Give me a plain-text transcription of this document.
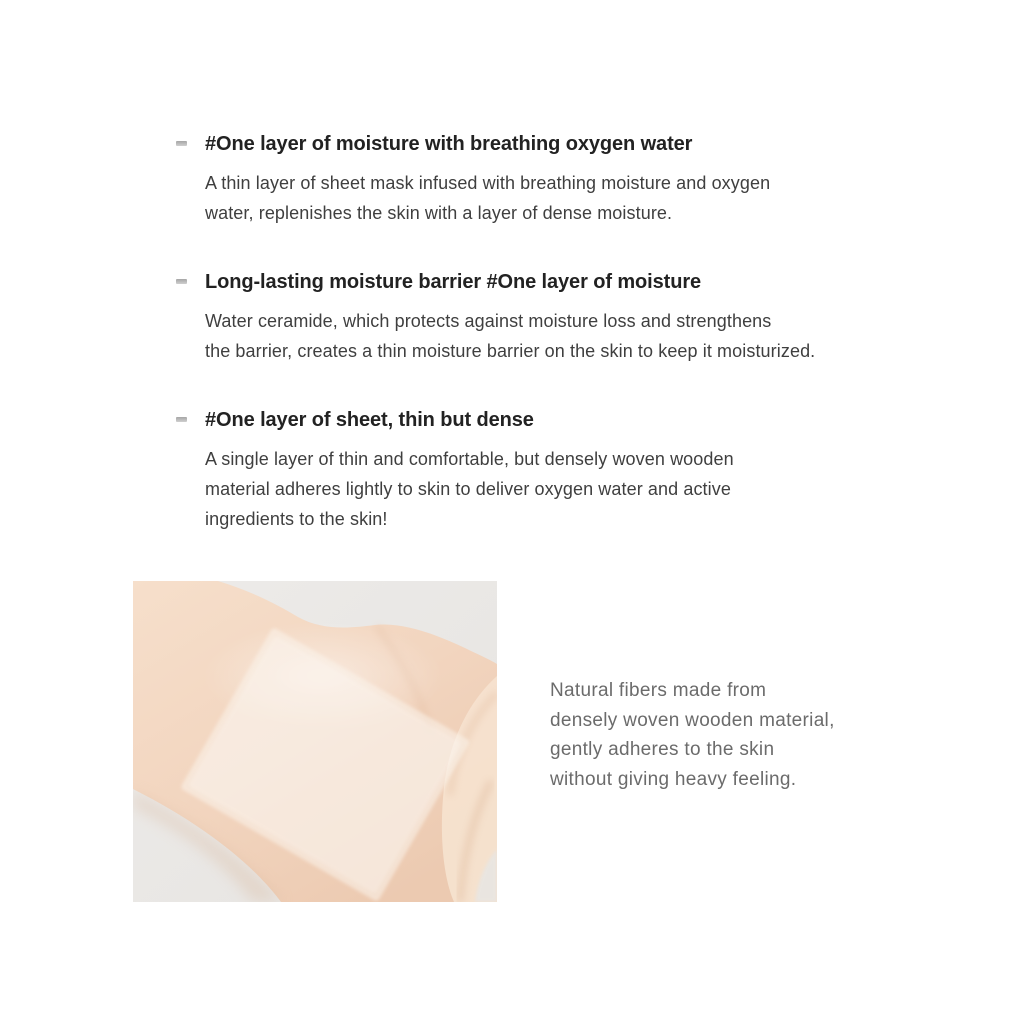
#One layer of moisture with breathing oxygen water
A thin layer of sheet mask infused with breathing moisture and oxygen
water, replenishes the skin with a layer of dense moisture.
Long-lasting moisture barrier #One layer of moisture
Water ceramide, which protects against moisture loss and strengthens
the barrier, creates a thin moisture barrier on the skin to keep it moisturized.
#One layer of sheet, thin but dense
A single layer of thin and comfortable, but densely woven wooden
material adheres lightly to skin to deliver oxygen water and active
ingredients to the skin!
Natural fibers made from
densely woven wooden material,
gently adheres to the skin
without giving heavy feeling.
